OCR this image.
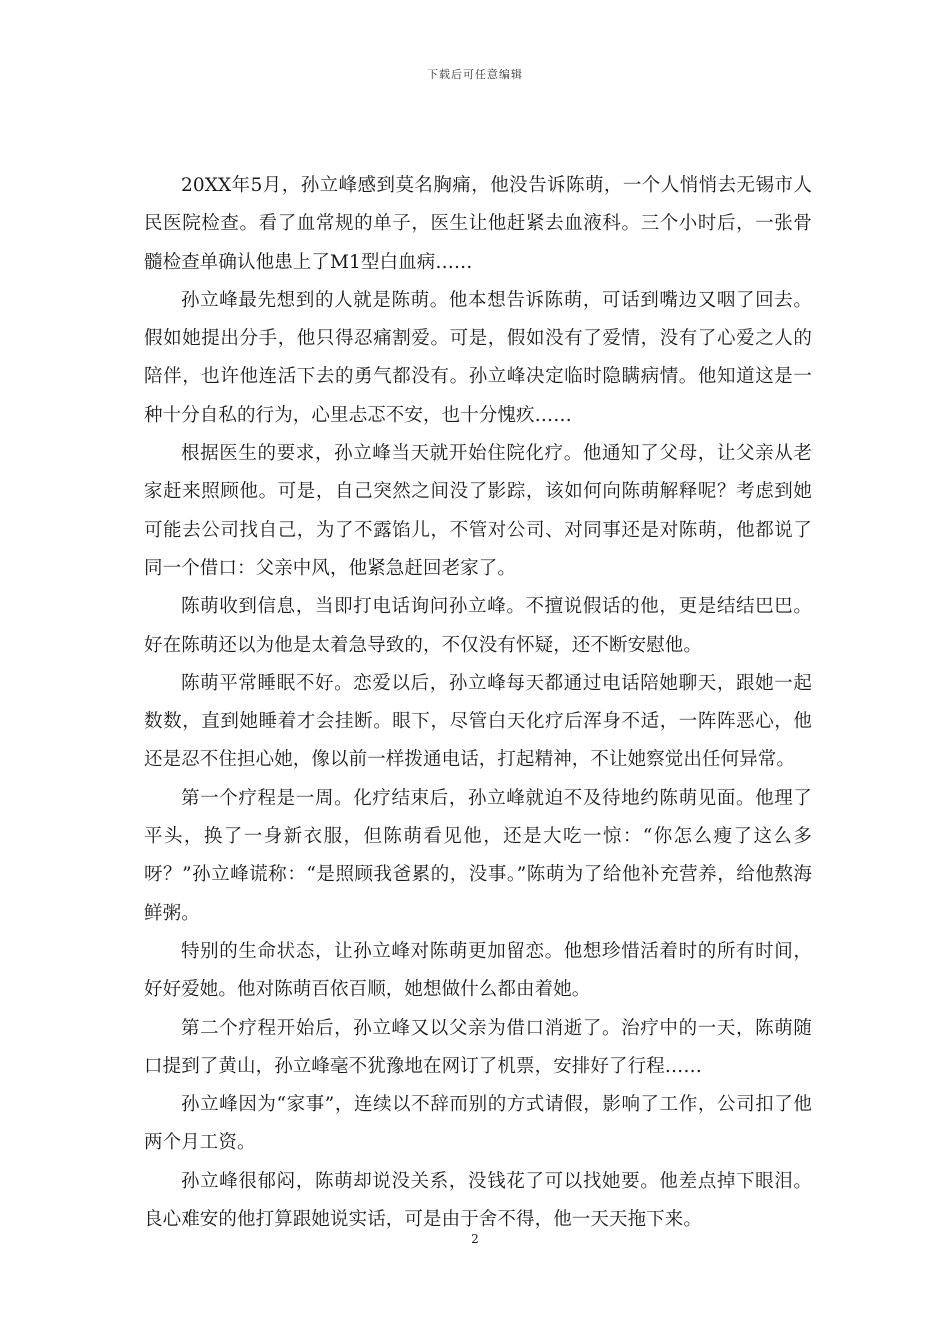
下载后可任意编辑

20XX年5月，孙立峰感到莫名胸痛，他没告诉陈萌，一个人悄悄去无锡市人民医院检查。看了血常规的单子，医生让他赶紧去血液科。三个小时后，一张骨髓检查单确认他患上了M1型白血病……

孙立峰最先想到的人就是陈萌。他本想告诉陈萌，可话到嘴边又咽了回去。假如她提出分手，他只得忍痛割爱。可是，假如没有了爱情，没有了心爱之人的陪伴，也许他连活下去的勇气都没有。孙立峰决定临时隐瞒病情。他知道这是一种十分自私的行为，心里忐忑不安，也十分愧疚……

根据医生的要求，孙立峰当天就开始住院化疗。他通知了父母，让父亲从老家赶来照顾他。可是，自己突然之间没了影踪，该如何向陈萌解释呢？考虑到她可能去公司找自己，为了不露馅儿，不管对公司、对同事还是对陈萌，他都说了同一个借口：父亲中风，他紧急赶回老家了。

陈萌收到信息，当即打电话询问孙立峰。不擅说假话的他，更是结结巴巴。好在陈萌还以为他是太着急导致的，不仅没有怀疑，还不断安慰他。

陈萌平常睡眠不好。恋爱以后，孙立峰每天都通过电话陪她聊天，跟她一起数数，直到她睡着才会挂断。眼下，尽管白天化疗后浑身不适，一阵阵恶心，他还是忍不住担心她，像以前一样拨通电话，打起精神，不让她察觉出任何异常。

第一个疗程是一周。化疗结束后，孙立峰就迫不及待地约陈萌见面。他理了平头，换了一身新衣服，但陈萌看见他，还是大吃一惊：“你怎么瘦了这么多呀？”孙立峰谎称：“是照顾我爸累的，没事。”陈萌为了给他补充营养，给他熬海鲜粥。

特别的生命状态，让孙立峰对陈萌更加留恋。他想珍惜活着时的所有时间，好好爱她。他对陈萌百依百顺，她想做什么都由着她。

第二个疗程开始后，孙立峰又以父亲为借口消逝了。治疗中的一天，陈萌随口提到了黄山，孙立峰毫不犹豫地在网订了机票，安排好了行程……

孙立峰因为“家事”，连续以不辞而别的方式请假，影响了工作，公司扣了他两个月工资。

孙立峰很郁闷，陈萌却说没关系，没钱花了可以找她要。他差点掉下眼泪。良心难安的他打算跟她说实话，可是由于舍不得，他一天天拖下来。

2
